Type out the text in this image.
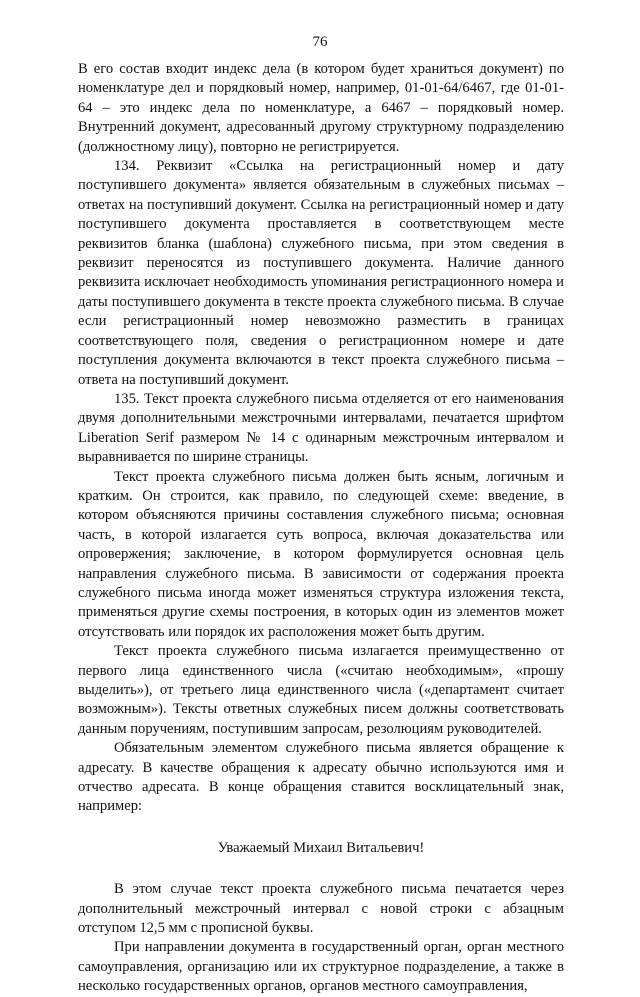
76

В его состав входит индекс дела (в котором будет храниться документ) по номенклатуре дел и порядковый номер, например, 01-01-64/6467, где 01-01-64 – это индекс дела по номенклатуре, а 6467 – порядковый номер. Внутренний документ, адресованный другому структурному подразделению (должностному лицу), повторно не регистрируется.

134. Реквизит «Ссылка на регистрационный номер и дату поступившего документа» является обязательным в служебных письмах – ответах на поступивший документ. Ссылка на регистрационный номер и дату поступившего документа проставляется в соответствующем месте реквизитов бланка (шаблона) служебного письма, при этом сведения в реквизит переносятся из поступившего документа. Наличие данного реквизита исключает необходимость упоминания регистрационного номера и даты поступившего документа в тексте проекта служебного письма. В случае если регистрационный номер невозможно разместить в границах соответствующего поля, сведения о регистрационном номере и дате поступления документа включаются в текст проекта служебного письма – ответа на поступивший документ.

135. Текст проекта служебного письма отделяется от его наименования двумя дополнительными межстрочными интервалами, печатается шрифтом Liberation Serif размером № 14 с одинарным межстрочным интервалом и выравнивается по ширине страницы.

Текст проекта служебного письма должен быть ясным, логичным и кратким. Он строится, как правило, по следующей схеме: введение, в котором объясняются причины составления служебного письма; основная часть, в которой излагается суть вопроса, включая доказательства или опровержения; заключение, в котором формулируется основная цель направления служебного письма. В зависимости от содержания проекта служебного письма иногда может изменяться структура изложения текста, применяться другие схемы построения, в которых один из элементов может отсутствовать или порядок их расположения может быть другим.

Текст проекта служебного письма излагается преимущественно от первого лица единственного числа («считаю необходимым», «прошу выделить»), от третьего лица единственного числа («департамент считает возможным»). Тексты ответных служебных писем должны соответствовать данным поручениям, поступившим запросам, резолюциям руководителей.

Обязательным элементом служебного письма является обращение к адресату. В качестве обращения к адресату обычно используются имя и отчество адресата. В конце обращения ставится восклицательный знак, например:

Уважаемый Михаил Витальевич!

В этом случае текст проекта служебного письма печатается через дополнительный межстрочный интервал с новой строки с абзацным отступом 12,5 мм с прописной буквы.

При направлении документа в государственный орган, орган местного самоуправления, организацию или их структурное подразделение, а также в несколько государственных органов, органов местного самоуправления,
